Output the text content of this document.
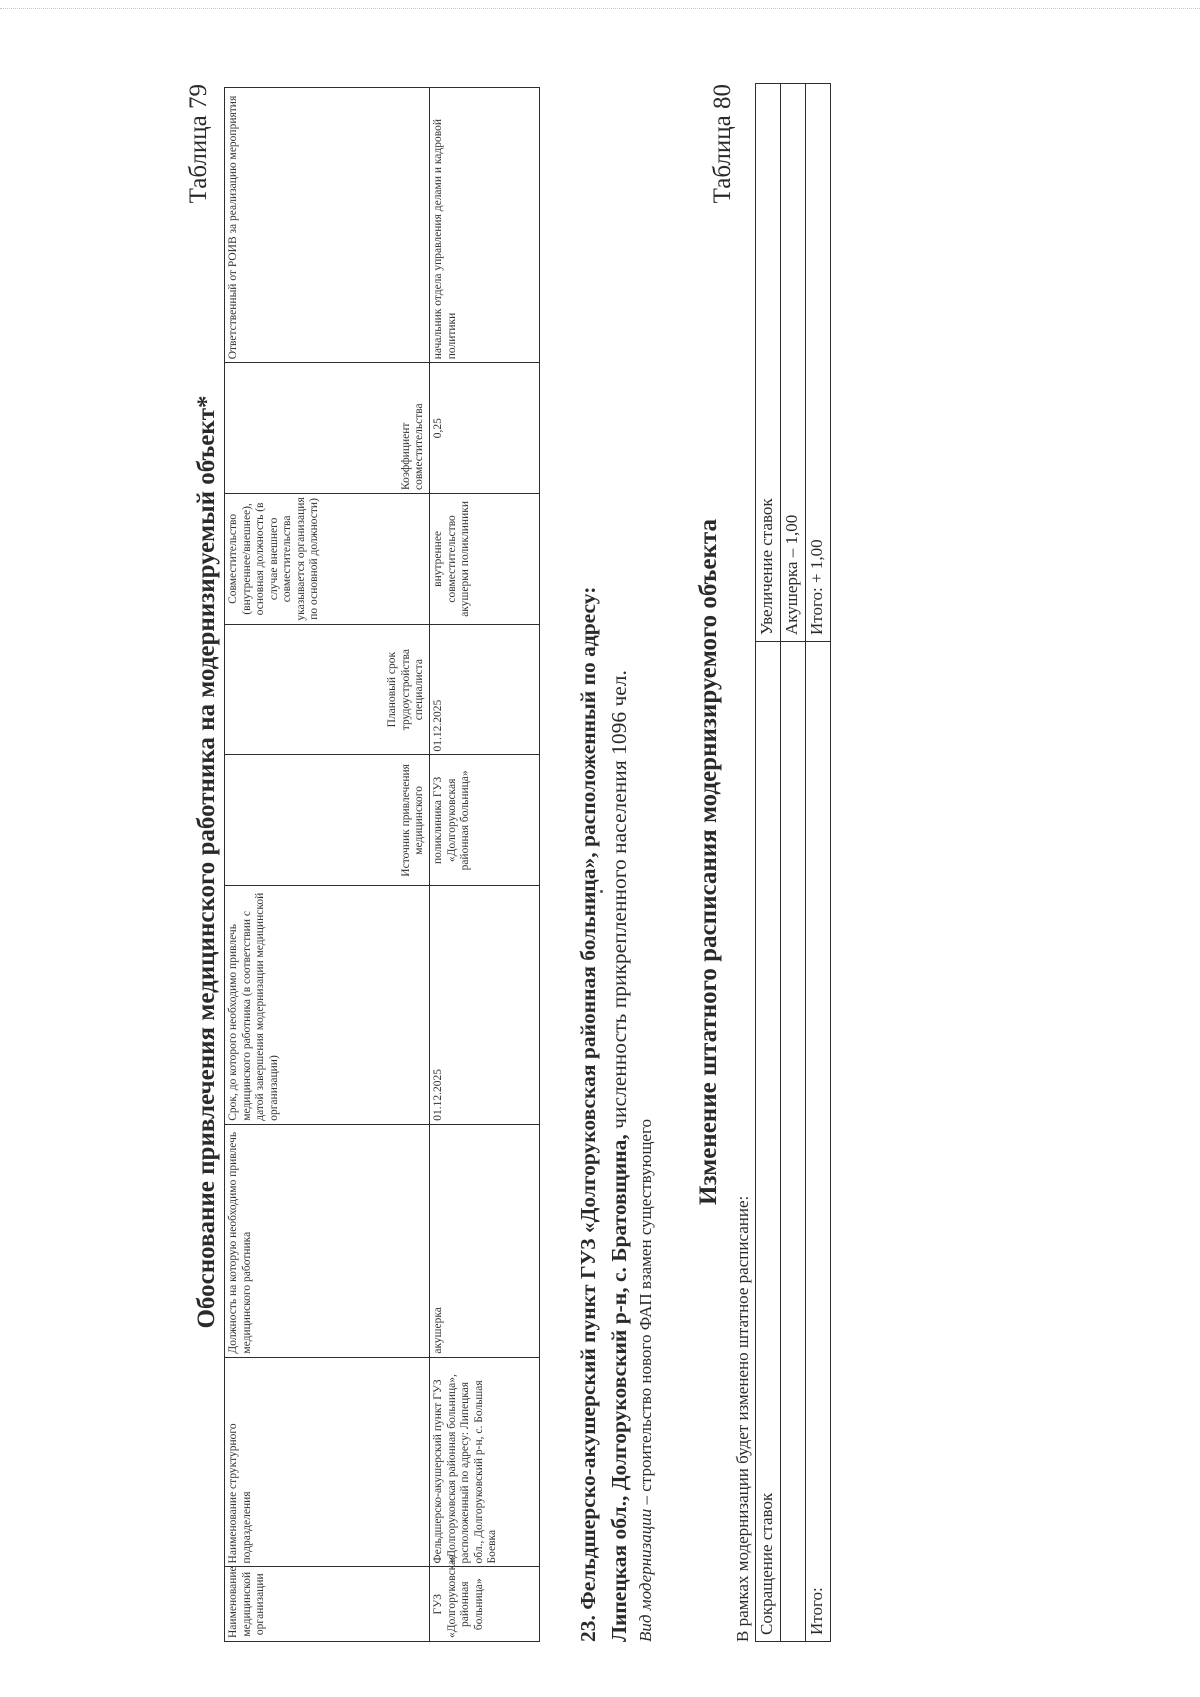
Таблица 79
Обоснование привлечения медицинского работника на модернизируемый объект*
Наименование медицинской организации	Наименование структурного подразделения	Должность на которую необходимо привлечь медицинского работника	Срок, до которого необходимо привлечь медицинского работника (в соответствии с датой завершения модернизации медицинской организации)	Источник привлечения медицинского	Плановый срок трудоустройства специалиста	Совместительство (внутреннее/внешнее), основная должность (в случае внешнего совместительства указывается организация по основной должности)	Коэффициент совместительства	Ответственный от РОИВ за реализацию мероприятия
ГУЗ «Долгоруковская районная больница»	Фельдшерско-акушерский пункт ГУЗ «Долгоруковская районная больница», расположенный по адресу: Липецкая обл., Долгоруковский р-н, с. Большая Боевка	акушерка	01.12.2025	поликлиника ГУЗ «Долгоруковская районная больница»	01.12.2025	внутреннее совместительство акушерки поликлиники	0,25	начальник отдела управления делами и кадровой политики
23. Фельдшерско-акушерский пункт ГУЗ «Долгоруковская районная больница», расположенный по адресу: Липецкая обл., Долгоруковский р-н, с. Братовщина, численность прикрепленного населения 1096 чел.
Вид модернизации – строительство нового ФАП взамен существующего
Таблица 80
Изменение штатного расписания модернизируемого объекта
В рамках модернизации будет изменено штатное расписание: Сокращение ставок	Увеличение ставок
	Акушерка – 1,00
Итого:	Итого: + 1,00
